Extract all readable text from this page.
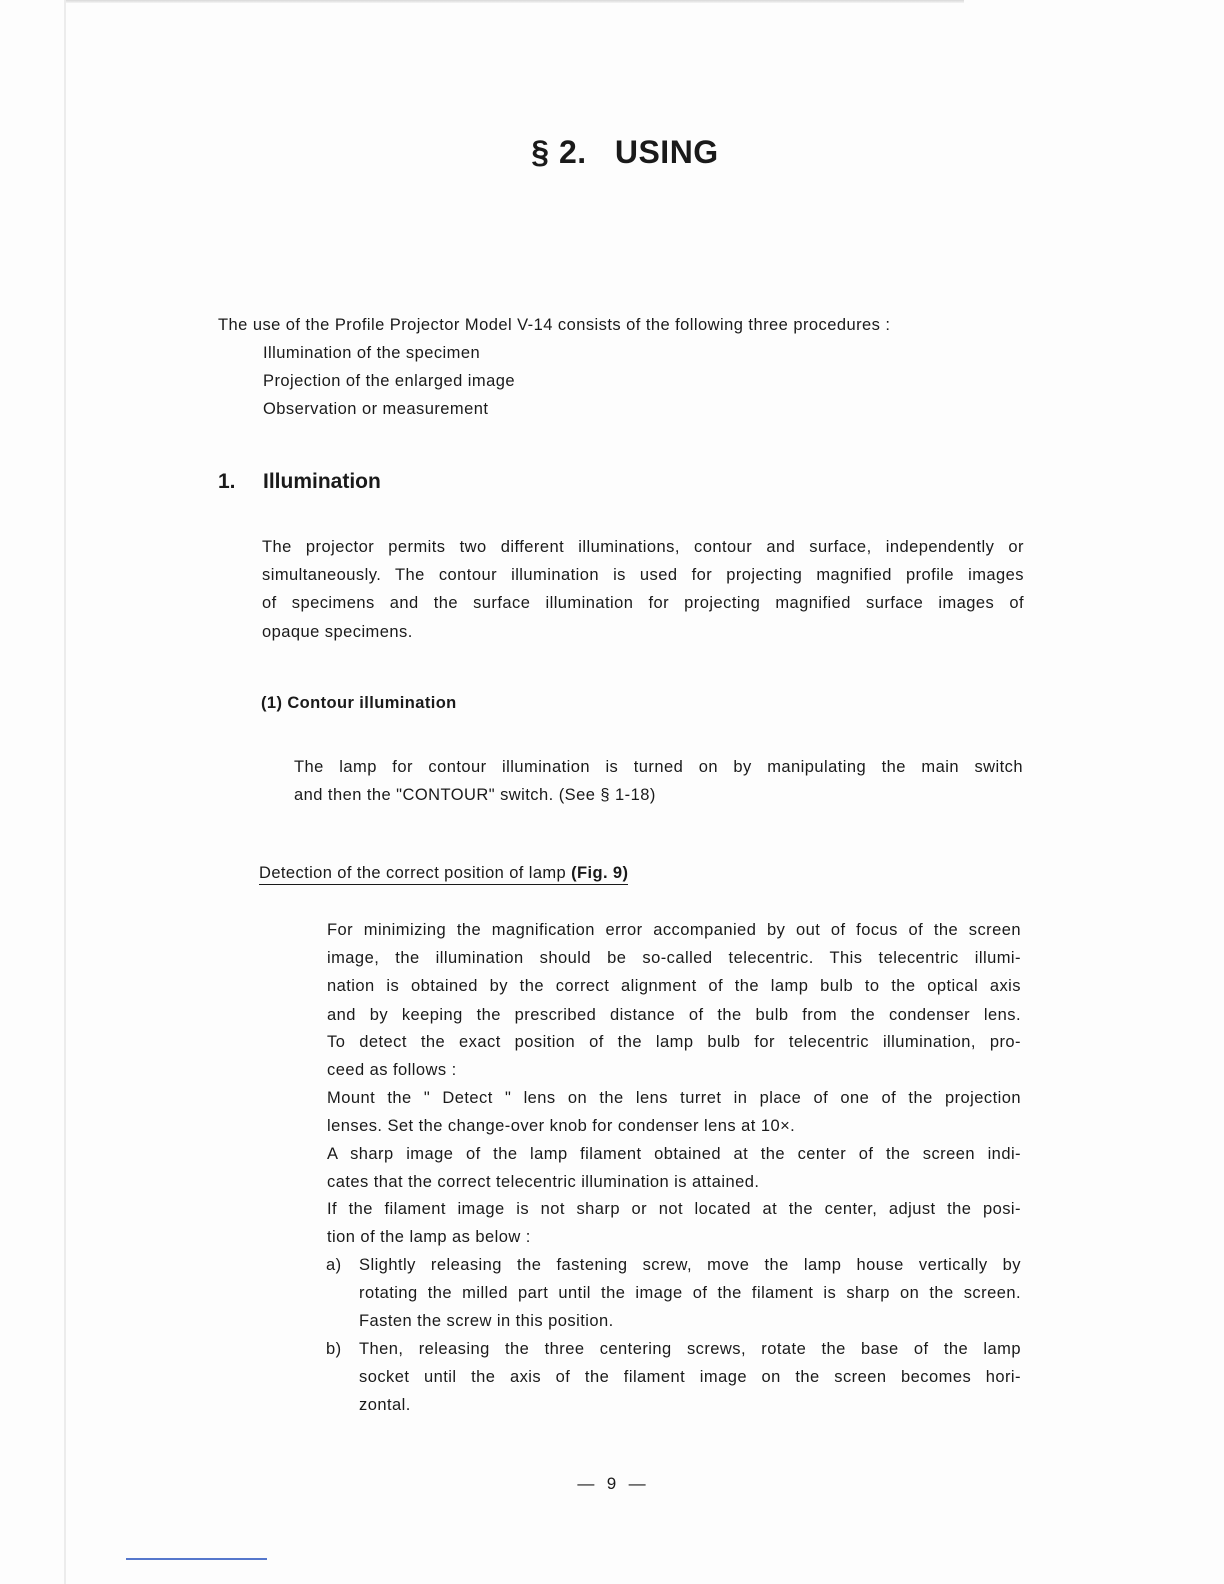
§ 2.   USING
The use of the Profile Projector Model V-14 consists of the following three procedures :
Illumination of the specimen
Projection of the enlarged image
Observation or measurement
1. Illumination
The projector permits two different illuminations, contour and surface, independently or
simultaneously. The contour illumination is used for projecting magnified profile images
of specimens and the surface illumination for projecting magnified surface images of
opaque specimens.
(1) Contour illumination
The lamp for contour illumination is turned on by manipulating the main switch
and then the "CONTOUR" switch. (See § 1-18)
Detection of the correct position of lamp (Fig. 9)
For minimizing the magnification error accompanied by out of focus of the screen
image, the illumination should be so-called telecentric. This telecentric illumi-
nation is obtained by the correct alignment of the lamp bulb to the optical axis
and by keeping the prescribed distance of the bulb from the condenser lens.
To detect the exact position of the lamp bulb for telecentric illumination, pro-
ceed as follows :
Mount the " Detect " lens on the lens turret in place of one of the projection
lenses. Set the change-over knob for condenser lens at 10×.
A sharp image of the lamp filament obtained at the center of the screen indi-
cates that the correct telecentric illumination is attained.
If the filament image is not sharp or not located at the center, adjust the posi-
tion of the lamp as below :
a) Slightly releasing the fastening screw, move the lamp house vertically by
rotating the milled part until the image of the filament is sharp on the screen.
Fasten the screw in this position.
b) Then, releasing the three centering screws, rotate the base of the lamp
socket until the axis of the filament image on the screen becomes hori-
zontal.
—  9  —
